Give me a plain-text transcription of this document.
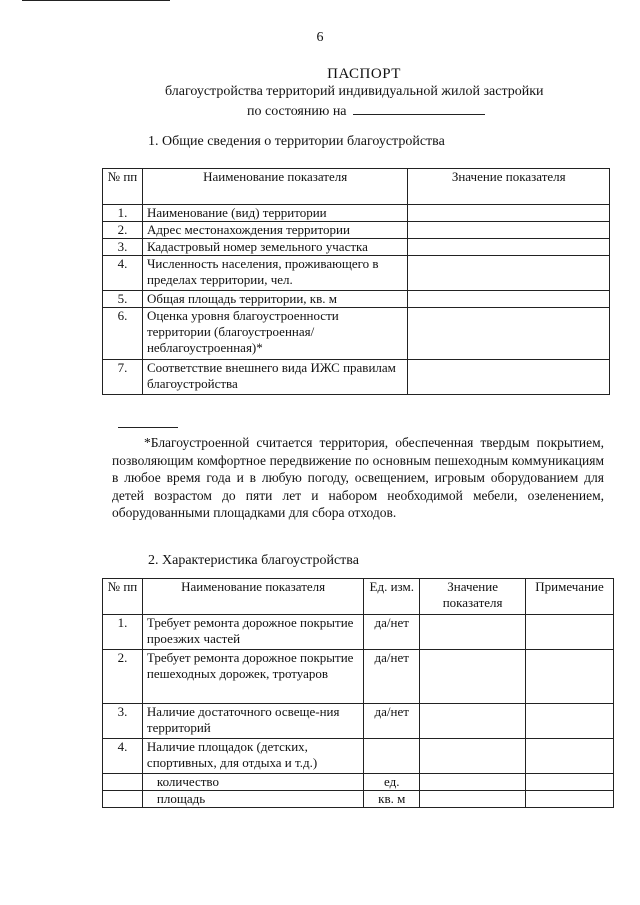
6
ПАСПОРТ
благоустройства территорий индивидуальной жилой застройки
по состоянию на
1. Общие сведения о территории благоустройства
№ пп	Наименование показателя	Значение показателя
1.	Наименование (вид) территории	
2.	Адрес местонахождения территории	
3.	Кадастровый номер земельного участка	
4.	Численность населения, проживающего в пределах территории, чел.	
5.	Общая площадь территории, кв. м	
6.	Оценка уровня благоустроенности территории (благоустроенная/ неблагоустроенная)*	
7.	Соответствие внешнего вида ИЖС правилам благоустройства	
*Благоустроенной считается территория, обеспеченная твердым покрытием, позволяющим комфортное передвижение по основным пешеходным коммуникациям в любое время года и в любую погоду, освещением, игровым оборудованием для детей возрастом до пяти лет и набором необходимой мебели, озеленением, оборудованными площадками для сбора отходов.
2. Характеристика благоустройства
№ пп	Наименование показателя	Ед. изм.	Значение показателя	Примечание
1.	Требует ремонта дорожное покрытие проезжих частей	да/нет		
2.	Требует ремонта дорожное покрытие пешеходных дорожек, тротуаров	да/нет		
3.	Наличие достаточного освеще-ния территорий	да/нет		
4.	Наличие площадок (детских, спортивных, для отдыха и т.д.)			
	количество	ед.		
	площадь	кв. м		
